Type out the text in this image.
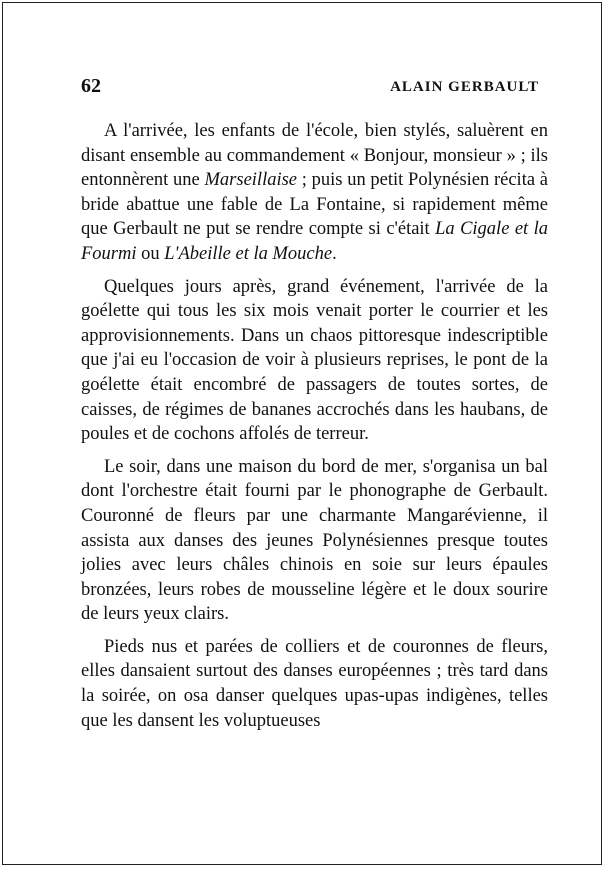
62	ALAIN GERBAULT

A l'arrivée, les enfants de l'école, bien stylés, saluèrent en disant ensemble au commandement « Bonjour, monsieur » ; ils entonnèrent une Marseillaise ; puis un petit Polynésien récita à bride abattue une fable de La Fontaine, si rapidement même que Gerbault ne put se rendre compte si c'était La Cigale et la Fourmi ou L'Abeille et la Mouche.

Quelques jours après, grand événement, l'arrivée de la goélette qui tous les six mois venait porter le courrier et les approvisionnements. Dans un chaos pittoresque indescriptible que j'ai eu l'occasion de voir à plusieurs reprises, le pont de la goélette était encombré de passagers de toutes sortes, de caisses, de régimes de bananes accrochés dans les haubans, de poules et de cochons affolés de terreur.

Le soir, dans une maison du bord de mer, s'organisa un bal dont l'orchestre était fourni par le phonographe de Gerbault. Couronné de fleurs par une charmante Mangarévienne, il assista aux danses des jeunes Polynésiennes presque toutes jolies avec leurs châles chinois en soie sur leurs épaules bronzées, leurs robes de mousseline légère et le doux sourire de leurs yeux clairs.

Pieds nus et parées de colliers et de couronnes de fleurs, elles dansaient surtout des danses européennes ; très tard dans la soirée, on osa danser quelques upas-upas indigènes, telles que les dansent les voluptueuses
